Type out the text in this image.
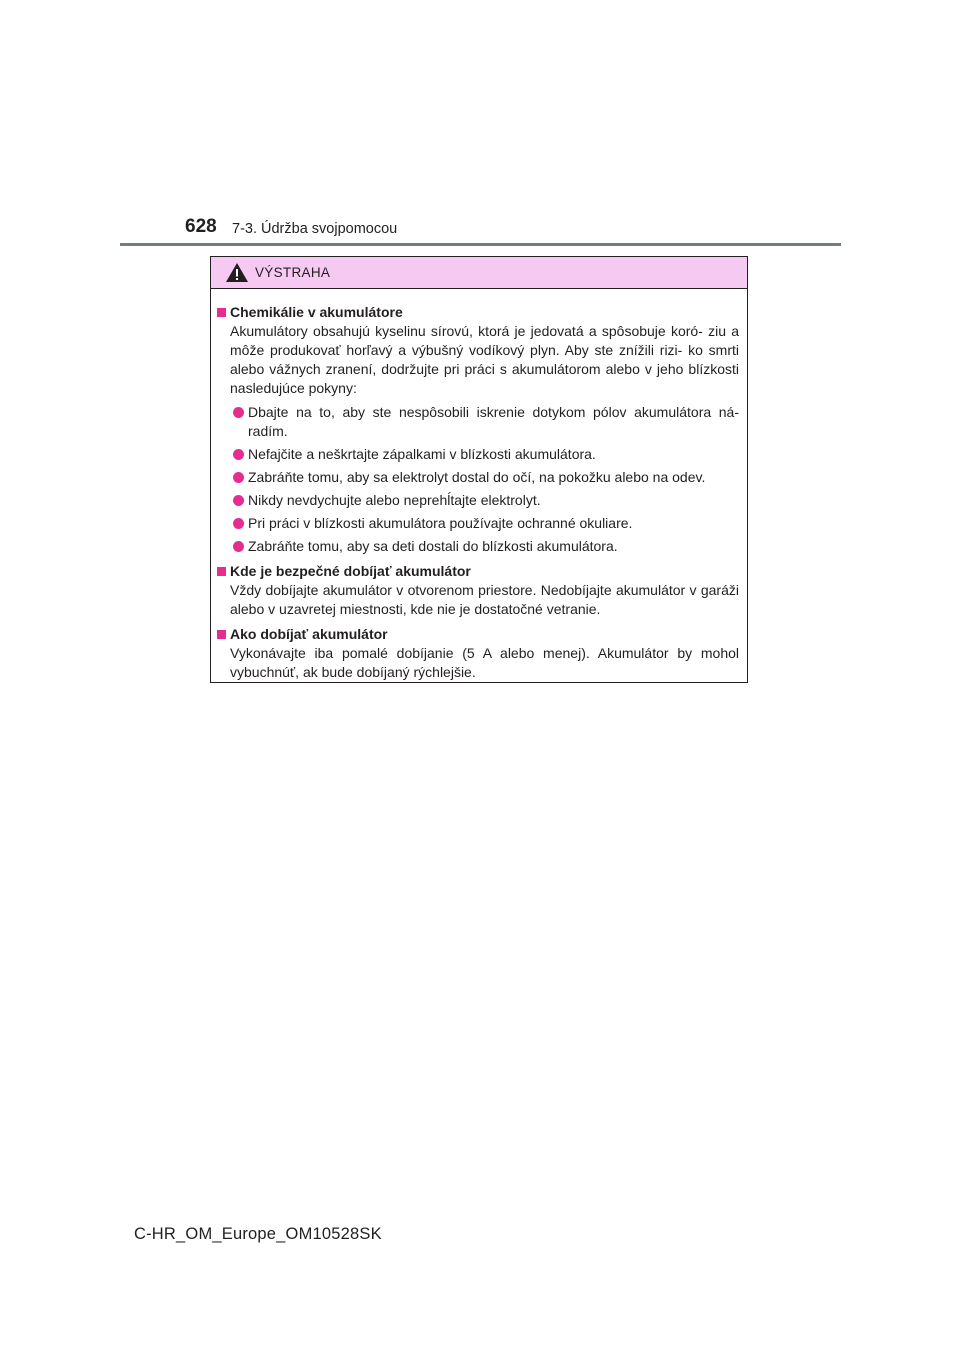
628 7-3. Údržba svojpomocou
VÝSTRAHA
Chemikálie v akumulátore

Akumulátory obsahujú kyselinu sírovú, ktorá je jedovatá a spôsobuje koró- ziu a môže produkovať horľavý a výbušný vodíkový plyn. Aby ste znížili rizi- ko smrti alebo vážnych zranení, dodržujte pri práci s akumulátorom alebo v jeho blízkosti nasledujúce pokyny:

Dbajte na to, aby ste nespôsobili iskrenie dotykom pólov akumulátora ná- radím.
Nefajčite a neškrtajte zápalkami v blízkosti akumulátora.
Zabráňte tomu, aby sa elektrolyt dostal do očí, na pokožku alebo na odev.
Nikdy nevdychujte alebo neprehĺtajte elektrolyt.
Pri práci v blízkosti akumulátora používajte ochranné okuliare.
Zabráňte tomu, aby sa deti dostali do blízkosti akumulátora.
Kde je bezpečné dobíjať akumulátor

Vždy dobíjajte akumulátor v otvorenom priestore. Nedobíjajte akumulátor v garáži alebo v uzavretej miestnosti, kde nie je dostatočné vetranie.

Ako dobíjať akumulátor

Vykonávajte iba pomalé dobíjanie (5 A alebo menej). Akumulátor by mohol vybuchnúť, ak bude dobíjaný rýchlejšie.

C-HR_OM_Europe_OM10528SK
